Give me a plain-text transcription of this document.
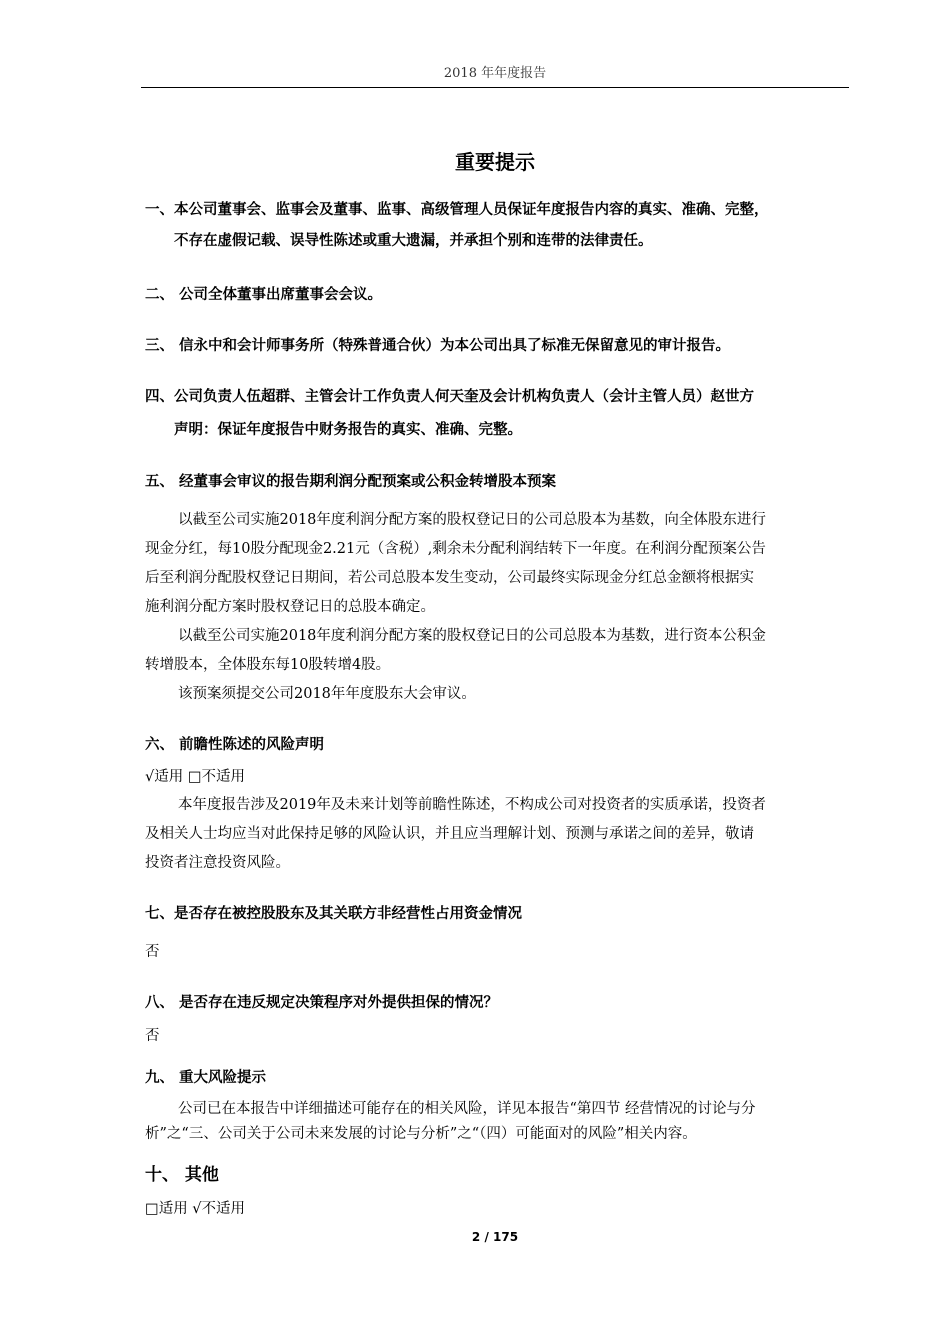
2018 年年度报告
重要提示
一、本公司董事会、监事会及董事、监事、高级管理人员保证年度报告内容的真实、准确、完整，
不存在虚假记载、误导性陈述或重大遗漏，并承担个别和连带的法律责任。
二、 公司全体董事出席董事会会议。
三、 信永中和会计师事务所（特殊普通合伙）为本公司出具了标准无保留意见的审计报告。
四、公司负责人伍超群、主管会计工作负责人何天奎及会计机构负责人（会计主管人员）赵世方
声明：保证年度报告中财务报告的真实、准确、完整。
五、 经董事会审议的报告期利润分配预案或公积金转增股本预案
以截至公司实施2018年度利润分配方案的股权登记日的公司总股本为基数，向全体股东进行
现金分红，每10股分配现金2.21元（含税）,剩余未分配利润结转下一年度。在利润分配预案公告
后至利润分配股权登记日期间，若公司总股本发生变动，公司最终实际现金分红总金额将根据实
施利润分配方案时股权登记日的总股本确定。
以截至公司实施2018年度利润分配方案的股权登记日的公司总股本为基数，进行资本公积金
转增股本，全体股东每10股转增4股。
该预案须提交公司2018年年度股东大会审议。
六、 前瞻性陈述的风险声明
√适用 □不适用
本年度报告涉及2019年及未来计划等前瞻性陈述，不构成公司对投资者的实质承诺，投资者
及相关人士均应当对此保持足够的风险认识，并且应当理解计划、预测与承诺之间的差异，敬请
投资者注意投资风险。
七、是否存在被控股股东及其关联方非经营性占用资金情况
否
八、 是否存在违反规定决策程序对外提供担保的情况？
否
九、 重大风险提示
公司已在本报告中详细描述可能存在的相关风险，详见本报告“第四节 经营情况的讨论与分
析”之“三、公司关于公司未来发展的讨论与分析”之“（四）可能面对的风险”相关内容。
十、 其他
□适用 √不适用
2 / 175
